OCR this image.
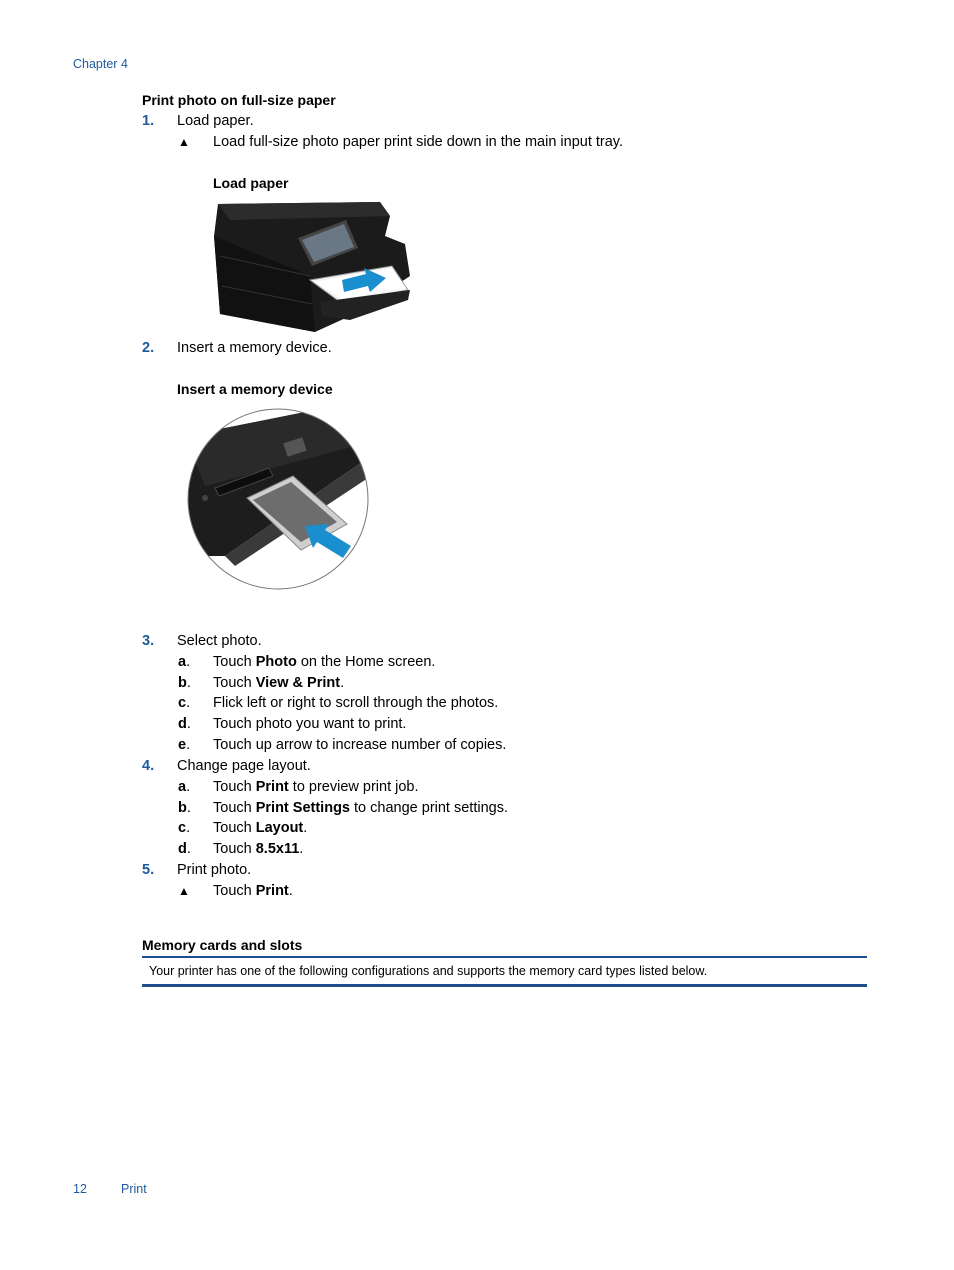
Chapter 4
Print photo on full-size paper
1. Load paper.
▲ Load full-size photo paper print side down in the main input tray.
Load paper
2. Insert a memory device.
Insert a memory device
3. Select photo.
a. Touch Photo on the Home screen.
b. Touch View & Print.
c. Flick left or right to scroll through the photos.
d. Touch photo you want to print.
e. Touch up arrow to increase number of copies.
4. Change page layout.
a. Touch Print to preview print job.
b. Touch Print Settings to change print settings.
c. Touch Layout.
d. Touch 8.5x11.
5. Print photo.
▲ Touch Print.
Memory cards and slots
Your printer has one of the following configurations and supports the memory card types listed below.
12	Print
